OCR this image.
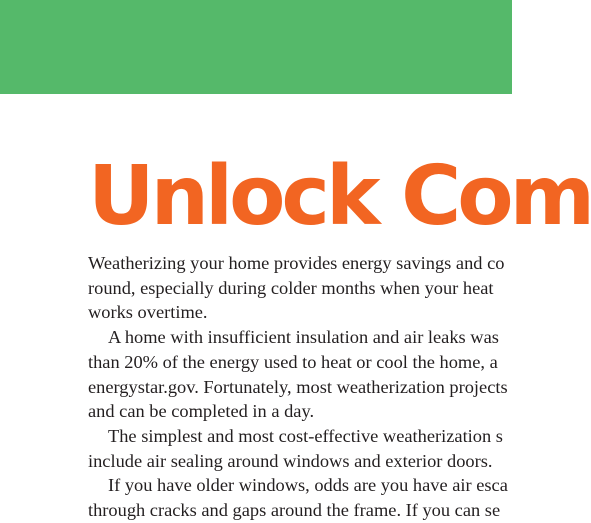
Unlock Com
Weatherizing your home provides energy savings and co
round, especially during colder months when your heat
works overtime.
A home with insufficient insulation and air leaks was
than 20% of the energy used to heat or cool the home, a
energystar.gov. Fortunately, most weatherization projects
and can be completed in a day.
The simplest and most cost-effective weatherization s
include air sealing around windows and exterior doors.
If you have older windows, odds are you have air esca
through cracks and gaps around the frame. If you can se
